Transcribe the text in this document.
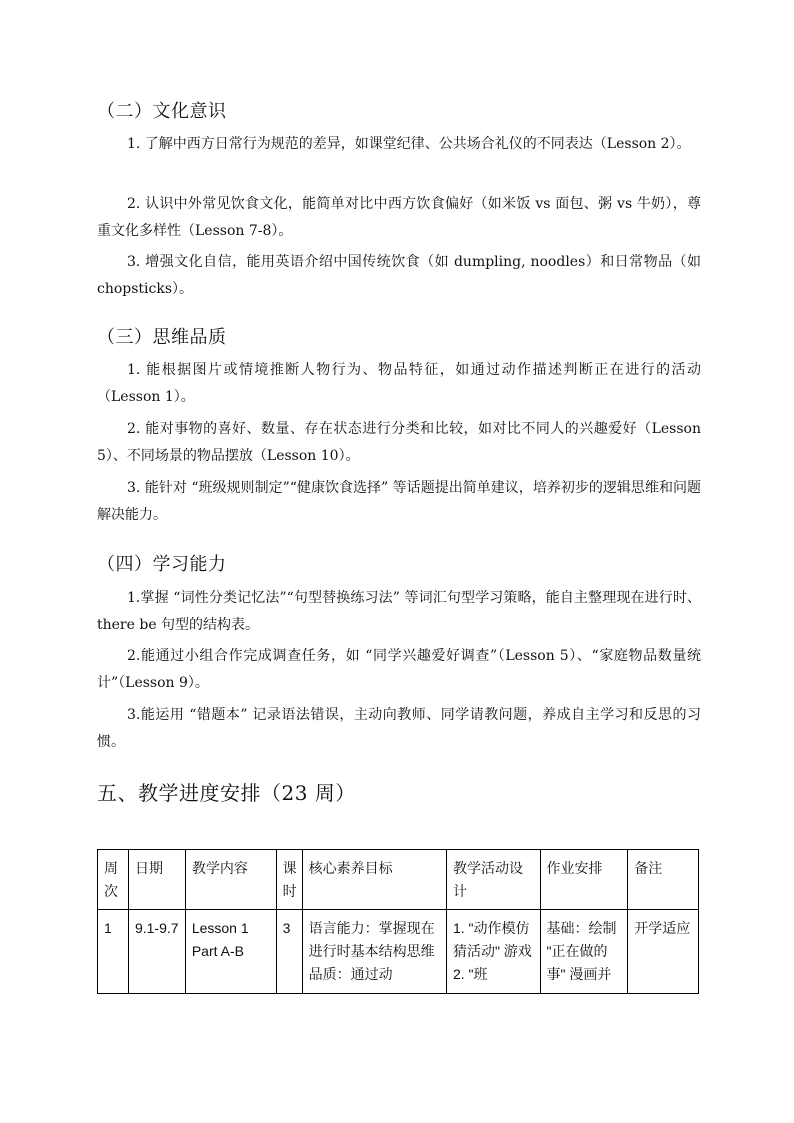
（二）文化意识
1. 了解中西方日常行为规范的差异，如课堂纪律、公共场合礼仪的不同表达（Lesson 2）。
2. 认识中外常见饮食文化，能简单对比中西方饮食偏好（如米饭 vs 面包、粥 vs 牛奶），尊重文化多样性（Lesson 7-8）。
3. 增强文化自信，能用英语介绍中国传统饮食（如 dumpling, noodles）和日常物品（如 chopsticks）。
（三）思维品质
1. 能根据图片或情境推断人物行为、物品特征，如通过动作描述判断正在进行的活动（Lesson 1）。
2. 能对事物的喜好、数量、存在状态进行分类和比较，如对比不同人的兴趣爱好（Lesson 5）、不同场景的物品摆放（Lesson 10）。
3. 能针对 “班级规则制定”“健康饮食选择” 等话题提出简单建议，培养初步的逻辑思维和问题解决能力。
（四）学习能力
1.掌握 “词性分类记忆法”“句型替换练习法” 等词汇句型学习策略，能自主整理现在进行时、there be 句型的结构表。
2.能通过小组合作完成调查任务，如 “同学兴趣爱好调查”（Lesson 5）、“家庭物品数量统计”（Lesson 9）。
3.能运用 “错题本” 记录语法错误，主动向教师、同学请教问题，养成自主学习和反思的习惯。
五、教学进度安排（23 周）
周次	日期	教学内容	课时	核心素养目标	教学活动设计	作业安排	备注

1	9.1-9.7	Lesson 1 Part A-B	3	语言能力：掌握现在进行时基本结构思维品质：通过动	1. "动作模仿猜活动" 游戏 2. "班	基础：绘制 "正在做的事" 漫画并	开学适应
